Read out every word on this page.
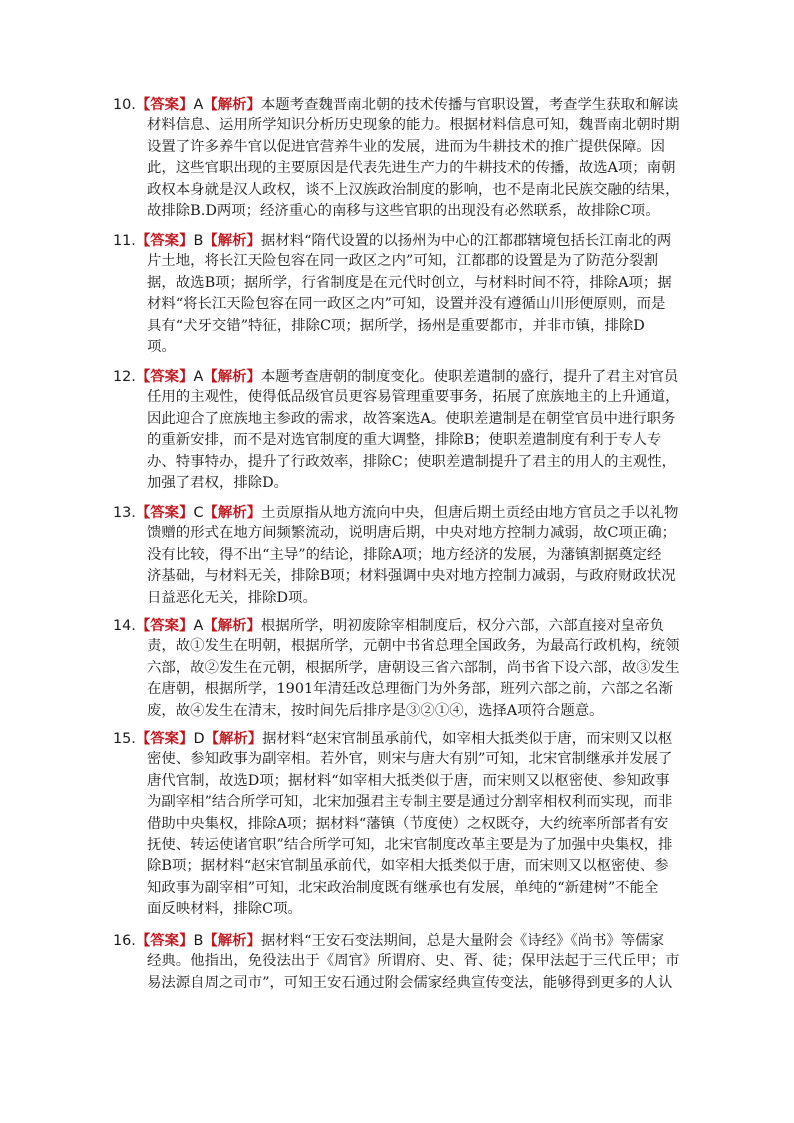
10.【答案】A【解析】本题考查魏晋南北朝的技术传播与官职设置，考查学生获取和解读
材料信息、运用所学知识分析历史现象的能力。根据材料信息可知，魏晋南北朝时期
设置了许多养牛官以促进官营养牛业的发展，进而为牛耕技术的推广提供保障。因
此，这些官职出现的主要原因是代表先进生产力的牛耕技术的传播，故选A项；南朝
政权本身就是汉人政权，谈不上汉族政治制度的影响，也不是南北民族交融的结果，
故排除B.D两项；经济重心的南移与这些官职的出现没有必然联系，故排除C项。
11.【答案】B【解析】据材料“隋代设置的以扬州为中心的江都郡辖境包括长江南北的两
片土地，将长江天险包容在同一政区之内”可知，江都郡的设置是为了防范分裂割
据，故选B项；据所学，行省制度是在元代时创立，与材料时间不符，排除A项；据
材料“将长江天险包容在同一政区之内”可知，设置并没有遵循山川形便原则，而是
具有“犬牙交错”特征，排除C项；据所学，扬州是重要都市，并非市镇，排除D
项。
12.【答案】A【解析】本题考查唐朝的制度变化。使职差遣制的盛行，提升了君主对官员
任用的主观性，使得低品级官员更容易管理重要事务，拓展了庶族地主的上升通道，
因此迎合了庶族地主参政的需求，故答案选A。使职差遣制是在朝堂官员中进行职务
的重新安排，而不是对选官制度的重大调整，排除B；使职差遣制度有利于专人专
办、特事特办，提升了行政效率，排除C；使职差遣制提升了君主的用人的主观性，
加强了君权，排除D。
13.【答案】C【解析】土贡原指从地方流向中央，但唐后期土贡经由地方官员之手以礼物
馈赠的形式在地方间频繁流动，说明唐后期，中央对地方控制力减弱，故C项正确；
没有比较，得不出“主导”的结论，排除A项；地方经济的发展，为藩镇割据奠定经
济基础，与材料无关，排除B项；材料强调中央对地方控制力减弱，与政府财政状况
日益恶化无关，排除D项。
14.【答案】A【解析】根据所学，明初废除宰相制度后，权分六部，六部直接对皇帝负
责，故①发生在明朝，根据所学，元朝中书省总理全国政务，为最高行政机构，统领
六部，故②发生在元朝，根据所学，唐朝设三省六部制，尚书省下设六部，故③发生
在唐朝，根据所学，1901年清廷改总理衙门为外务部，班列六部之前，六部之名渐
废，故④发生在清末，按时间先后排序是③②①④，选择A项符合题意。
15.【答案】D【解析】据材料“赵宋官制虽承前代，如宰相大抵类似于唐，而宋则又以枢
密使、参知政事为副宰相。若外官，则宋与唐大有别”可知，北宋官制继承并发展了
唐代官制，故选D项；据材料“如宰相大抵类似于唐，而宋则又以枢密使、参知政事
为副宰相”结合所学可知，北宋加强君主专制主要是通过分割宰相权利而实现，而非
借助中央集权，排除A项；据材料“藩镇（节度使）之权既夺，大约统率所部者有安
抚使、转运使诸官职”结合所学可知，北宋官制度改革主要是为了加强中央集权，排
除B项；据材料“赵宋官制虽承前代，如宰相大抵类似于唐，而宋则又以枢密使、参
知政事为副宰相”可知，北宋政治制度既有继承也有发展，单纯的“新建树”不能全
面反映材料，排除C项。
16.【答案】B【解析】据材料“王安石变法期间，总是大量附会《诗经》《尚书》等儒家
经典。他指出，免役法出于《周官》所谓府、史、胥、徒；保甲法起于三代丘甲；市
易法源自周之司市”，可知王安石通过附会儒家经典宣传变法，能够得到更多的人认
